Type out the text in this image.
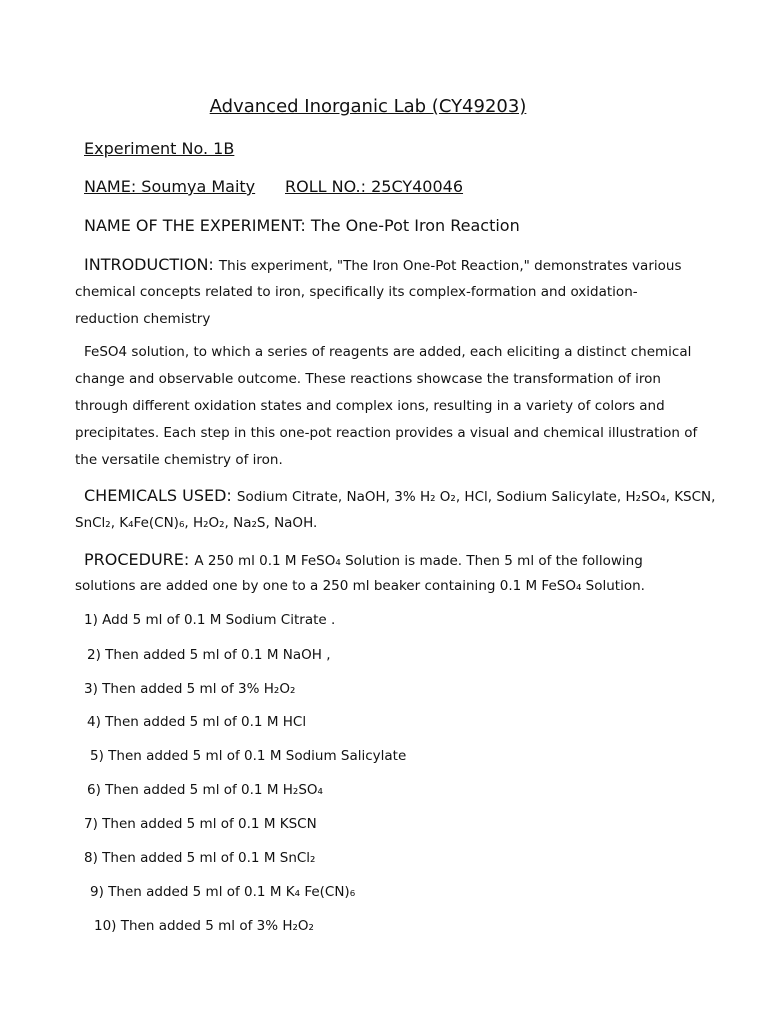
Advanced Inorganic Lab (CY49203)
Experiment No. 1B
NAME: Soumya Maity ROLL NO.: 25CY40046
NAME OF THE EXPERIMENT: The One-Pot Iron Reaction
INTRODUCTION: This experiment, "The Iron One-Pot Reaction," demonstrates various
chemical concepts related to iron, specifically its complex-formation and oxidation-
reduction chemistry
FeSO4 solution, to which a series of reagents are added, each eliciting a distinct chemical
change and observable outcome. These reactions showcase the transformation of iron
through different oxidation states and complex ions, resulting in a variety of colors and
precipitates. Each step in this one-pot reaction provides a visual and chemical illustration of
the versatile chemistry of iron.
CHEMICALS USED: Sodium Citrate, NaOH, 3% H₂ O₂, HCl, Sodium Salicylate, H₂SO₄, KSCN,
SnCl₂, K₄Fe(CN)₆, H₂O₂, Na₂S, NaOH.
PROCEDURE: A 250 ml 0.1 M FeSO₄ Solution is made. Then 5 ml of the following
solutions are added one by one to a 250 ml beaker containing 0.1 M FeSO₄ Solution.
1) Add 5 ml of 0.1 M Sodium Citrate .
2) Then added 5 ml of 0.1 M NaOH ,
3) Then added 5 ml of 3% H₂O₂
4) Then added 5 ml of 0.1 M HCl
5) Then added 5 ml of 0.1 M Sodium Salicylate
6) Then added 5 ml of 0.1 M H₂SO₄
7) Then added 5 ml of 0.1 M KSCN
8) Then added 5 ml of 0.1 M SnCl₂
9) Then added 5 ml of 0.1 M K₄ Fe(CN)₆
10) Then added 5 ml of 3% H₂O₂
